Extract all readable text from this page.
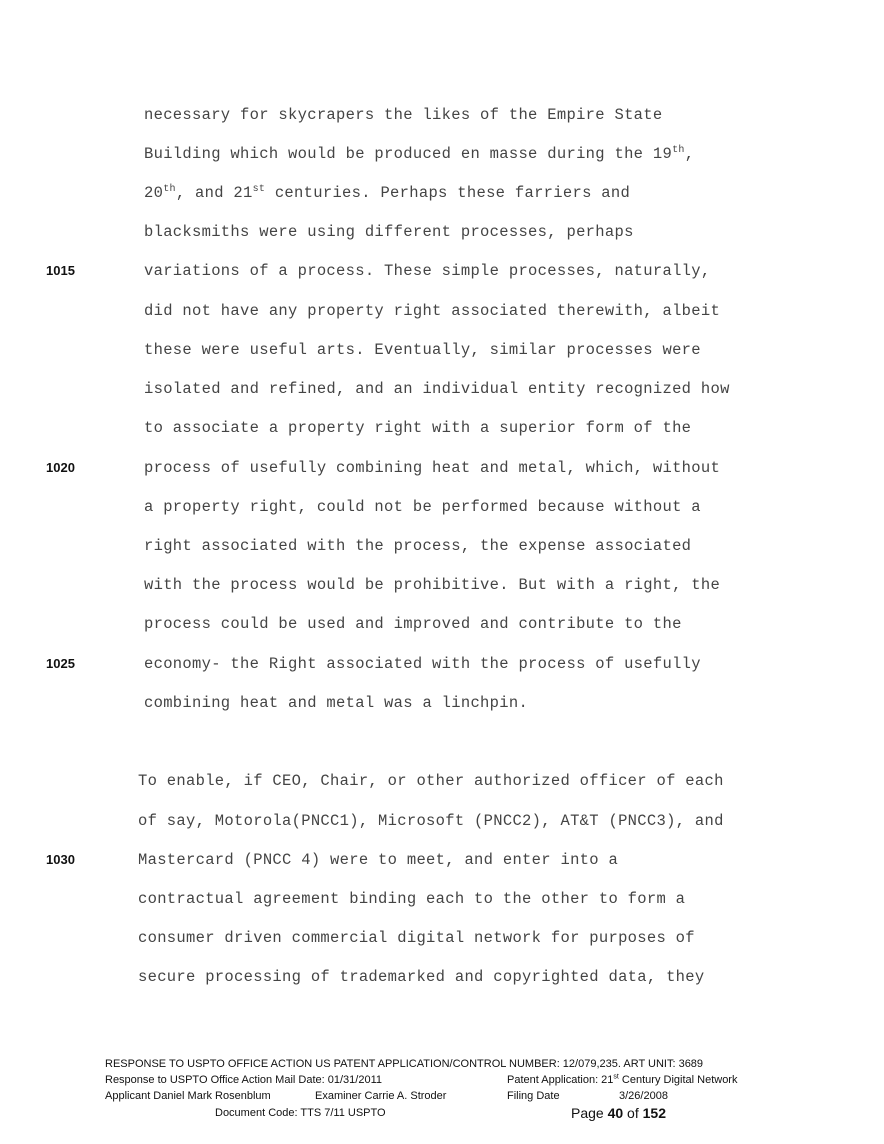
necessary for skycrapers the likes of the Empire State
Building which would be produced en masse during the 19th,
20th, and 21st centuries. Perhaps these farriers and
blacksmiths were using different processes, perhaps
variations of a process. These simple processes, naturally,
did not have any property right associated therewith, albeit
these were useful arts. Eventually, similar processes were
isolated and refined, and an individual entity recognized how
to associate a property right with a superior form of the
process of usefully combining heat and metal, which, without
a property right, could not be performed because without a
right associated with the process, the expense associated
with the process would be prohibitive. But with a right, the
process could be used and improved and contribute to the
economy- the Right associated with the process of usefully
combining heat and metal was a linchpin.
To enable, if CEO, Chair, or other authorized officer of each
of say, Motorola(PNCC1), Microsoft (PNCC2), AT&T (PNCC3), and
Mastercard (PNCC 4) were to meet, and enter into a
contractual agreement binding each to the other to form a
consumer driven commercial digital network for purposes of
secure processing of trademarked and copyrighted data, they
1015
1020
1025
1030
RESPONSE TO USPTO OFFICE ACTION US PATENT APPLICATION/CONTROL NUMBER: 12/079,235. ART UNIT: 3689
Response to USPTO Office Action Mail Date: 01/31/2011	Patent Application: 21st Century Digital Network
Applicant Daniel Mark Rosenblum	Examiner Carrie A. Stroder	Filing Date	3/26/2008
Document Code: TTS 7/11 USPTO	Page 40 of 152
